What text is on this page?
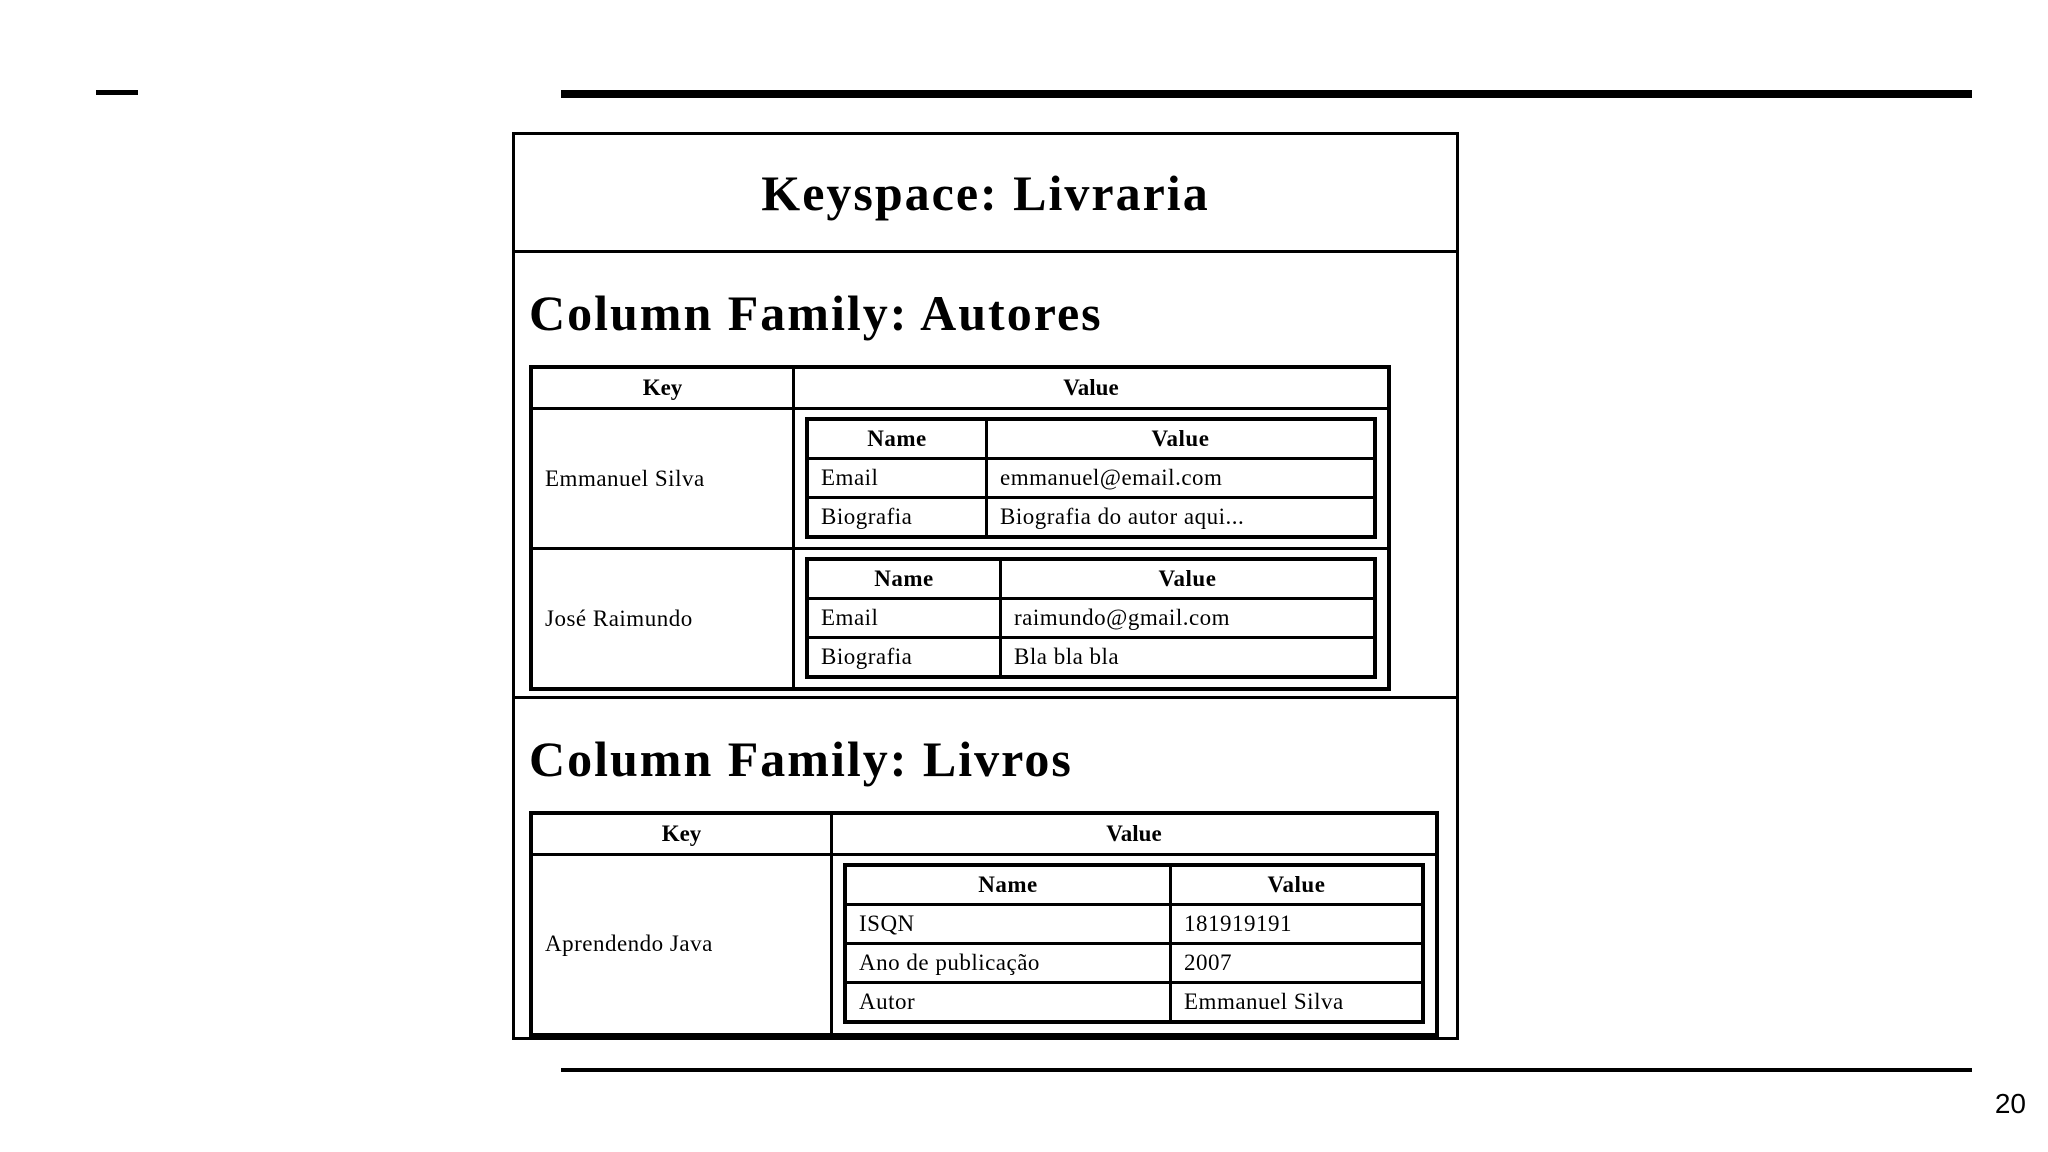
Keyspace: Livraria
Column Family: Autores
Key	Value
Emmanuel Silva	
Name	Value
Email	emmanuel@email.com
Biografia	Biografia do autor aqui...

José Raimundo	
Name	Value
Email	raimundo@gmail.com
Biografia	Bla bla bla
Column Family: Livros
Key	Value
Aprendendo Java	
Name	Value
ISQN	181919191
Ano de publicação	2007
Autor	Emmanuel Silva
20
